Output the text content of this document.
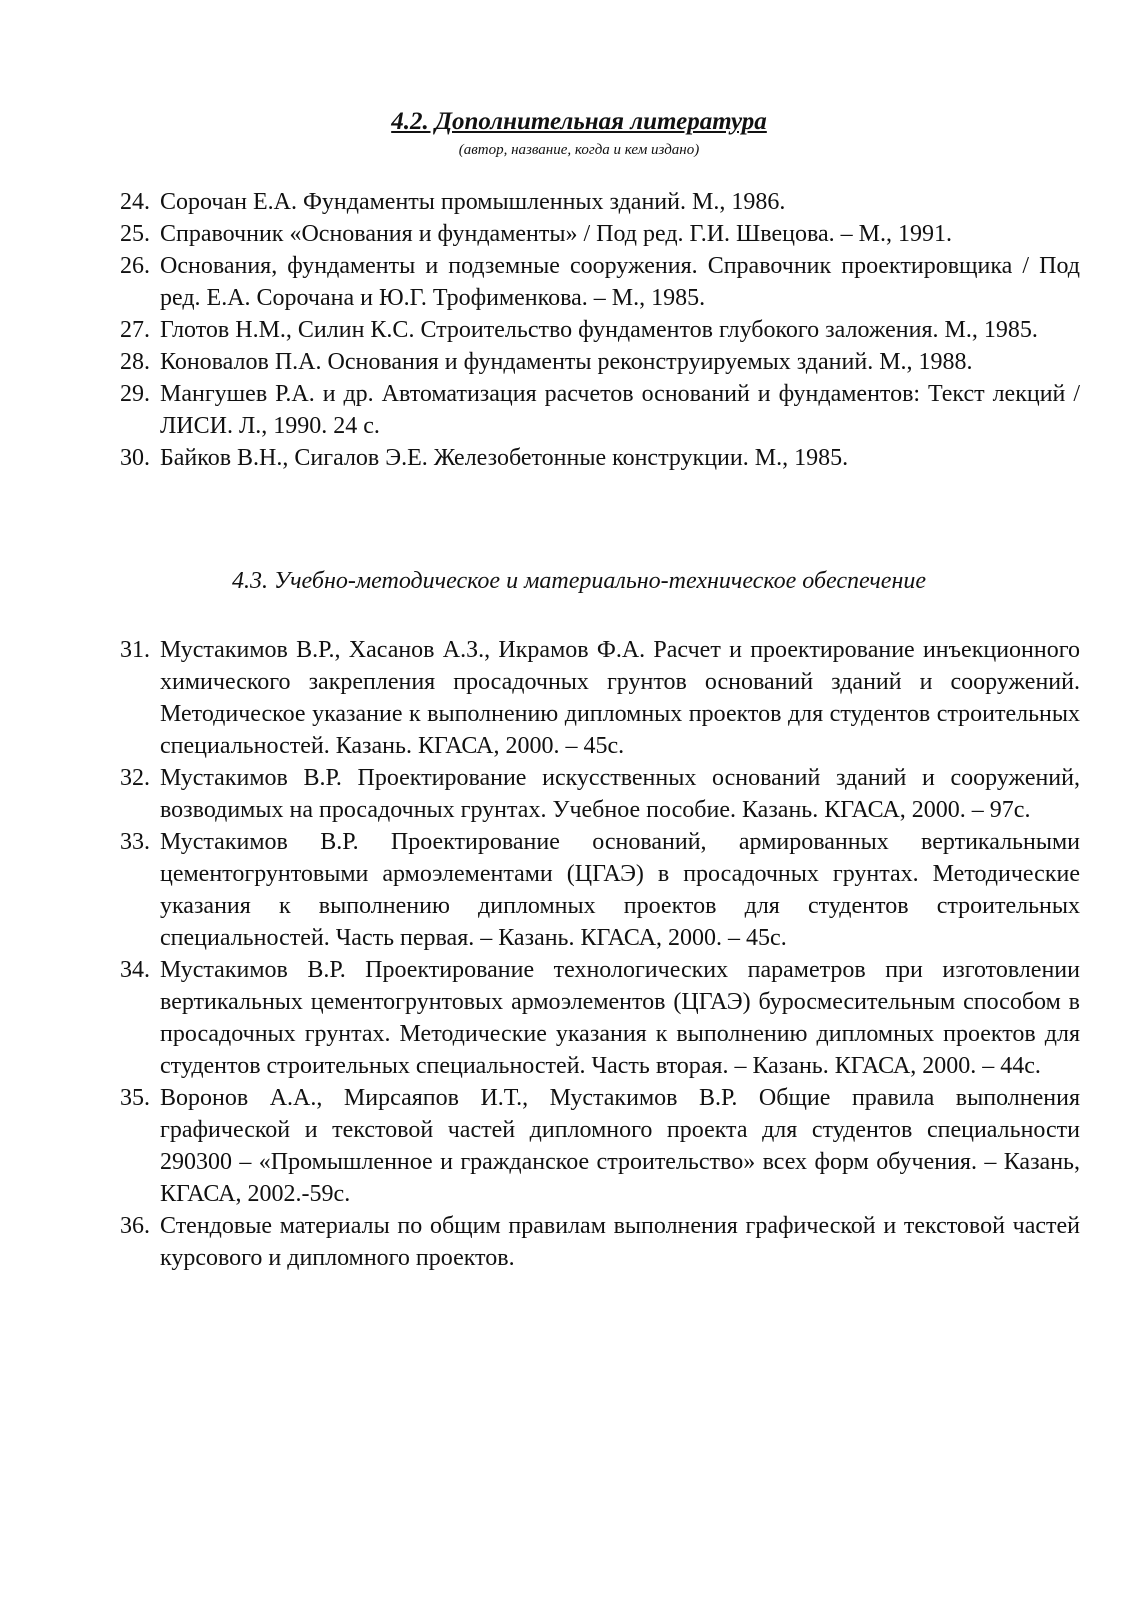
4.2. Дополнительная литература
(автор, название, когда и кем издано)
24. Сорочан Е.А. Фундаменты промышленных зданий. М., 1986.
25. Справочник «Основания и фундаменты» / Под ред. Г.И. Швецова. – М., 1991.
26. Основания, фундаменты и подземные сооружения. Справочник проектировщика / Под ред. Е.А. Сорочана и Ю.Г. Трофименкова. – М., 1985.
27. Глотов Н.М., Силин К.С. Строительство фундаментов глубокого заложения. М., 1985.
28. Коновалов П.А. Основания и фундаменты реконструируемых зданий. М., 1988.
29. Мангушев Р.А. и др. Автоматизация расчетов оснований и фундаментов: Текст лекций / ЛИСИ. Л., 1990. 24 с.
30. Байков В.Н., Сигалов Э.Е. Железобетонные конструкции. М., 1985.
4.3. Учебно-методическое и материально-техническое обеспечение
31. Мустакимов В.Р., Хасанов А.З., Икрамов Ф.А. Расчет и проектирование инъекционного химического закрепления просадочных грунтов оснований зданий и сооружений. Методическое указание к выполнению дипломных проектов для студентов строительных специальностей. Казань. КГАСА, 2000. – 45с.
32. Мустакимов В.Р. Проектирование искусственных оснований зданий и сооружений, возводимых на просадочных грунтах. Учебное пособие. Казань. КГАСА, 2000. – 97с.
33. Мустакимов В.Р. Проектирование оснований, армированных вертикальными цементогрунтовыми армоэлементами (ЦГАЭ) в просадочных грунтах. Методические указания к выполнению дипломных проектов для студентов строительных специальностей. Часть первая. – Казань. КГАСА, 2000. – 45с.
34. Мустакимов В.Р. Проектирование технологических параметров при изготовлении вертикальных цементогрунтовых армоэлементов (ЦГАЭ) буросмесительным способом в просадочных грунтах. Методические указания к выполнению дипломных проектов для студентов строительных специальностей. Часть вторая. – Казань. КГАСА, 2000. – 44с.
35. Воронов А.А., Мирсаяпов И.Т., Мустакимов В.Р. Общие правила выполнения графической и текстовой частей дипломного проекта для студентов специальности 290300 – «Промышленное и гражданское строительство» всех форм обучения. – Казань, КГАСА, 2002.-59с.
36. Стендовые материалы по общим правилам выполнения графической и текстовой частей курсового и дипломного проектов.
